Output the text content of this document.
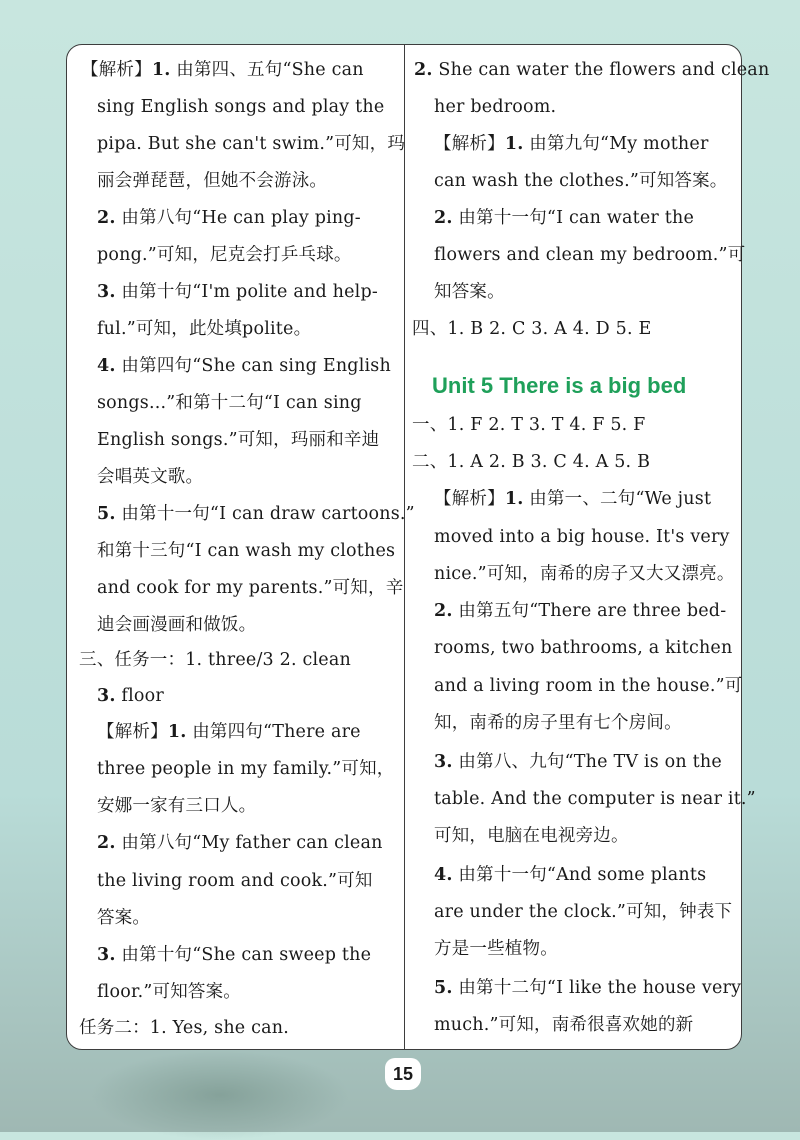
【解析】1. 由第四、五句“She can
sing English songs and play the
pipa. But she can't swim.”可知，玛
丽会弹琵琶，但她不会游泳。
2. 由第八句“He can play ping-
pong.”可知，尼克会打乒乓球。
3. 由第十句“I'm polite and help-
ful.”可知，此处填polite。
4. 由第四句“She can sing English
songs...”和第十二句“I can sing
English songs.”可知，玛丽和辛迪
会唱英文歌。
5. 由第十一句“I can draw cartoons.”
和第十三句“I can wash my clothes
and cook for my parents.”可知，辛
迪会画漫画和做饭。
三、任务一：1. three/3 2. clean
3. floor
【解析】1. 由第四句“There are
three people in my family.”可知，
安娜一家有三口人。
2. 由第八句“My father can clean
the living room and cook.”可知
答案。
3. 由第十句“She can sweep the
floor.”可知答案。
任务二：1. Yes, she can.
2. She can water the flowers and clean
her bedroom.
【解析】1. 由第九句“My mother
can wash the clothes.”可知答案。
2. 由第十一句“I can water the
flowers and clean my bedroom.”可
知答案。
四、1. B 2. C 3. A 4. D 5. E
Unit 5 There is a big bed
一、1. F 2. T 3. T 4. F 5. F
二、1. A 2. B 3. C 4. A 5. B
【解析】1. 由第一、二句“We just
moved into a big house. It's very
nice.”可知，南希的房子又大又漂亮。
2. 由第五句“There are three bed-
rooms, two bathrooms, a kitchen
and a living room in the house.”可
知，南希的房子里有七个房间。
3. 由第八、九句“The TV is on the
table. And the computer is near it.”
可知，电脑在电视旁边。
4. 由第十一句“And some plants
are under the clock.”可知，钟表下
方是一些植物。
5. 由第十二句“I like the house very
much.”可知，南希很喜欢她的新
15
